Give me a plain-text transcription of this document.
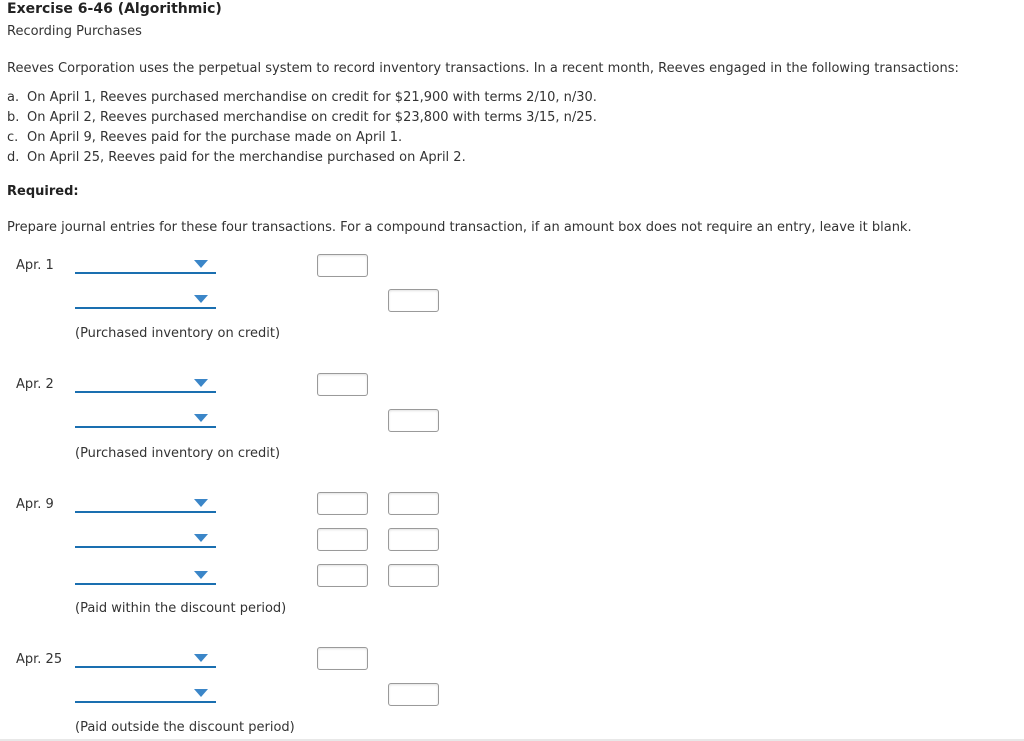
Exercise 6-46 (Algorithmic)
Recording Purchases
Reeves Corporation uses the perpetual system to record inventory transactions. In a recent month, Reeves engaged in the following transactions:
a. On April 1, Reeves purchased merchandise on credit for $21,900 with terms 2/10, n/30.
b. On April 2, Reeves purchased merchandise on credit for $23,800 with terms 3/15, n/25.
c. On April 9, Reeves paid for the purchase made on April 1.
d. On April 25, Reeves paid for the merchandise purchased on April 2.
Required:
Prepare journal entries for these four transactions. For a compound transaction, if an amount box does not require an entry, leave it blank.
Apr. 1
(Purchased inventory on credit)
Apr. 2
(Purchased inventory on credit)
Apr. 9
(Paid within the discount period)
Apr. 25
(Paid outside the discount period)
